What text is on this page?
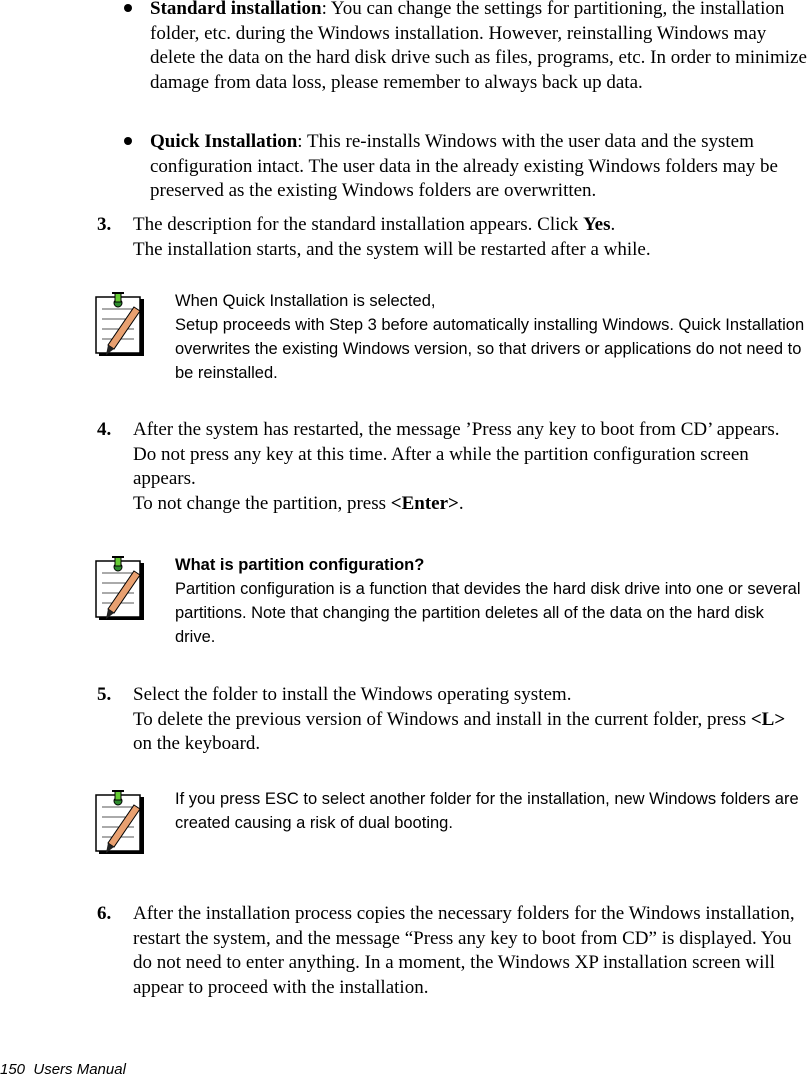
Standard installation: You can change the settings for partitioning, the installation folder, etc. during the Windows installation. However, reinstalling Windows may delete the data on the hard disk drive such as files, programs, etc. In order to minimize damage from data loss, please remember to always back up data.
Quick Installation: This re-installs Windows with the user data and the system configuration intact. The user data in the already existing Windows folders may be preserved as the existing Windows folders are overwritten.
3. The description for the standard installation appears. Click Yes.
The installation starts, and the system will be restarted after a while.
When Quick Installation is selected,
Setup proceeds with Step 3 before automatically installing Windows. Quick Installation overwrites the existing Windows version, so that drivers or applications do not need to be reinstalled.
4. After the system has restarted, the message ’Press any key to boot from CD’ appears. Do not press any key at this time. After a while the partition configuration screen appears.
To not change the partition, press <Enter>.
What is partition configuration?
Partition configuration is a function that devides the hard disk drive into one or several partitions. Note that changing the partition deletes all of the data on the hard disk drive.
5. Select the folder to install the Windows operating system.
To delete the previous version of Windows and install in the current folder, press <L> on the keyboard.
If you press ESC to select another folder for the installation, new Windows folders are created causing a risk of dual booting.
6. After the installation process copies the necessary folders for the Windows installation, restart the system, and the message “Press any key to boot from CD” is displayed. You do not need to enter anything. In a moment, the Windows XP installation screen will appear to proceed with the installation.
150 Users Manual
